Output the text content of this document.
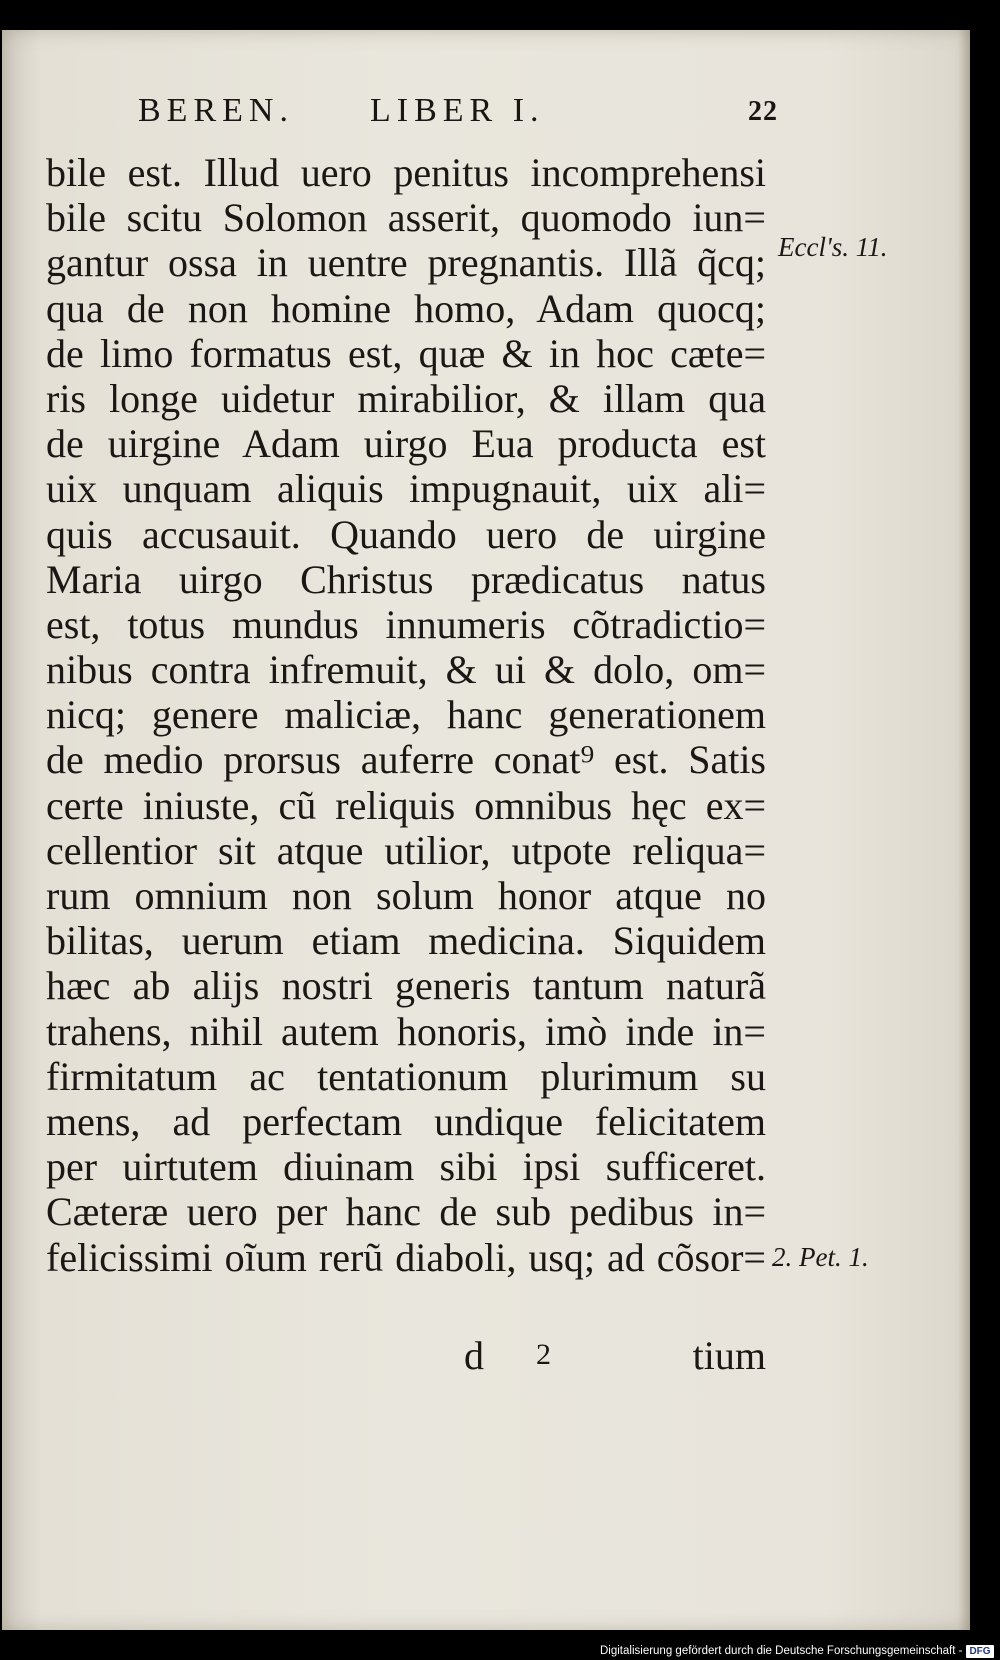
BEREN. LIBER I.	22
bile est. Illud uero penitus incomprehensi
bile scitu Solomon asserit, quomodo iun=
gantur ossa in uentre pregnantis. Illã q̃cq;
qua de non homine homo, Adam quocq;
de limo formatus est, quæ & in hoc cæte=
ris longe uidetur mirabilior, & illam qua
de uirgine Adam uirgo Eua producta est
uix unquam aliquis impugnauit, uix ali=
quis accusauit. Quando uero de uirgine
Maria uirgo Christus prædicatus natus
est, totus mundus innumeris cõtradictio=
nibus contra infremuit, & ui & dolo, om=
nicq; genere maliciæ, hanc generationem
de medio prorsus auferre conat⁹ est. Satis
certe iniuste, cũ reliquis omnibus hęc ex=
cellentior sit atque utilior, utpote reliqua=
rum omnium non solum honor atque no
bilitas, uerum etiam medicina. Siquidem
hæc ab alijs nostri generis tantum naturã
trahens, nihil autem honoris, imò inde in=
firmitatum ac tentationum plurimum su
mens, ad perfectam undique felicitatem
per uirtutem diuinam sibi ipsi sufficeret.
Cæteræ uero per hanc de sub pedibus in=
felicissimi oĩum rerũ diaboli, usq; ad cõsor=
d 2	tium
Eccl's. 11.
2. Pet. 1.
Digitalisierung gefördert durch die Deutsche Forschungsgemeinschaft - DFG
